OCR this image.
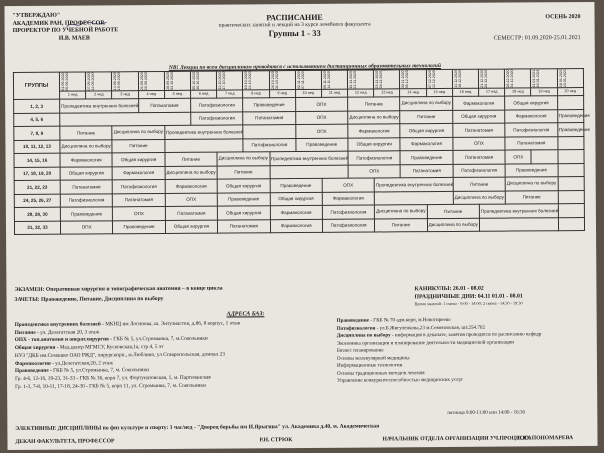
"УТВЕРЖДАЮ"
АКАДЕМИК РАН, ПРОФЕССОР,
ПРОРЕКТОР ПО УЧЕБНОЙ РАБОТЕ
И.В. МАЕВ
РАСПИСАНИЕ
практических занятий и лекций на 3 курсе лечебного факультета
Группы 1 - 33
ОСЕНЬ 2020
СЕМЕСТР: 01.09.2020-25.01.2021
NB! Лекции по всем дисциплинам проводятся с использованием дистанционных образовательных технологий
ГРУППЫ	01.09.2020 05.09.2020	07.09.2020 12.09.2020	14.09.2020 19.09.2020	21.09.2020 26.09.2020	28.09.2020 03.10.2020	05.10.2020 10.10.2020	12.10.2020 17.10.2020	19.10.2020 24.10.2020	26.10.2020 31.10.2020	02.11.2020 07.11.2020	09.11.2020 14.11.2020	16.11.2020 21.11.2020	23.11.2020 28.11.2020	30.11.2020 05.12.2020	07.12.2020 12.12.2020	14.12.2020 19.12.2020	21.12.2020 26.12.2020	28.12.2020 31.12.2020	11.01.2021 16.01.2021	18.01.2021 23.01.2021

	1 нед	2 нед	3 нед	4 нед	5 нед	6 нед	7 нед	8 нед	9 нед	10 нед	11 нед	12 нед	13 нед	14 нед	15 нед	16 нед	17 нед	18 нед	19 нед	20 нед
1, 2, 3	Пропедевтика внутренних болезней			Патанатомия		Патофизиология		Правоведение		ОПХ		Питание		Дисциплина по выбору		Фармакология		Общая хирургия		
4, 5, 6						Патофизиология		Патанатомия		ОПХ		Дисциплина по выбору		Питание		Общая хирургия		Фармакология		Правоведение
7, 8, 9	Питание		Дисциплина по выбору		Пропедевтика внутренних болезней					ОПХ		Фармакология		Общая хирургия		Патанатомия		Патофизиология		Правоведение
10, 11, 12, 13	Дисциплина по выбору		Питание					Патофизиология		Правоведение		Общая хирургия		Фармакология		ОПХ		Патанатомия		
14, 15, 16	Фармакология		Общая хирургия		Питание		Дисциплина по выбору		Пропедевтика внутренних болезней			Патофизиология		Правоведение		Патанатомия		ОПХ		
17, 18, 19, 20	Общая хирургия		Фармакология		Дисциплина по выбору		Питание					ОПХ		Патанатомия		Патофизиология		Правоведение		
21, 22, 23	Патанатомия		Патофизиология		Фармакология		Общая хирургия		Правоведение		ОПХ		Пропедевтика внутренних болезней			Питание		Дисциплина по выбору		
24, 25, 26, 27	Патофизиология		Патанатомия		ОПХ		Правоведение		Общая хирургия		Фармакология					Дисциплина по выбору		Питание		
28, 29, 30	Правоведение		ОПХ		Патанатомия		Общая хирургия		Фармакология		Патофизиология		Дисциплина по выбору		Питание		Пропедевтика внутренних болезней			
31, 32, 33	ОПХ		Правоведение		Общая хирургия		Патанатомия		Фармакология		Патофизиология		Питание		Дисциплина по выбору					
ЭКЗАМЕН: Оперативная хирургия и топографическая анатомия – в конце цикла
ЗАЧЕТЫ: Правоведение, Питание, Дисциплина по выбору
КАНИКУЛЫ: 26.01 - 08.02
ПРАЗДНИЧНЫЕ ДНИ: 04.11 01.01 - 08.01
Время занятий: 1 смена - 9:00 - 14:00; 2 смена - 14:30 - 19:30
АДРЕСА БАЗ:
Пропедевтика внутренних болезней - МКНЦ им Логинова, ш. Энтузиастов, д.86, 8 корпус, 1 этаж
Питание - ул. Делегатская 20, 3 этаж
ОПХ - топ.анатомия и операт.хирургия - ГКБ № 5, ул.Стромынка, 7, м.Сокольники
Общая хирургия - Мед.центр МГМСУ, Кусковская,1а, стр 4, 5 эт
НУЗ "ДКБ им.Семашко ОАО РЖД", хирург.корп., м.Люблино, ул Ставропольская, домовл 23
Фармакология - ул.Делегатская,20, 2 этаж
Правоведение - ГКБ № 5, ул.Стромынка, 7, м. Сокольники
Гр. 4-6, 12-16, 19-23, 31-33 - ГКБ № 36, корп 7, ул. Фортунатовская, 1, м. Партизанская
Гр. 1-3, 7-8, 10-11, 17-18, 24-30 - ГКБ № 5, корп 11, ул. Стромынка, 7, м. Сокольники
Правоведение - ГКБ № 70 адм.корп, м.Новогиреево
Патофизиология - ул.Б.Жигуленкова,23 м.Семеновская, шт.254.702
Дисциплина по выбору - информация в деканате, занятия проводятся по расписанию кафедр
Экономика организации и планирование деятельности медицинской организации
Бизнес планирование
Основы молекулярной медицины
Информационные технологии
Основы традиционных методов лечения
Управление конкурентоспособностью медицинских услуг
пятница 9:00-11:00 или 14:00 - 16:30
ЭЛЕКТИВНЫЕ ДИСЦИПЛИНЫ по физ культуре и спорту: 1 час/нед - "Дворец борьбы им И.Ярыгина" ул. Академика д.40, м. Академическая
ДЕКАН ФАКУЛЬТЕТА, ПРОФЕССОР	Р.Н. СТРЮК	НАЧАЛЬНИК ОТДЕЛА ОРГАНИЗАЦИИ УЧ.ПРОЦЕССА
Е.Ю. ПОНОМАРЕВА
